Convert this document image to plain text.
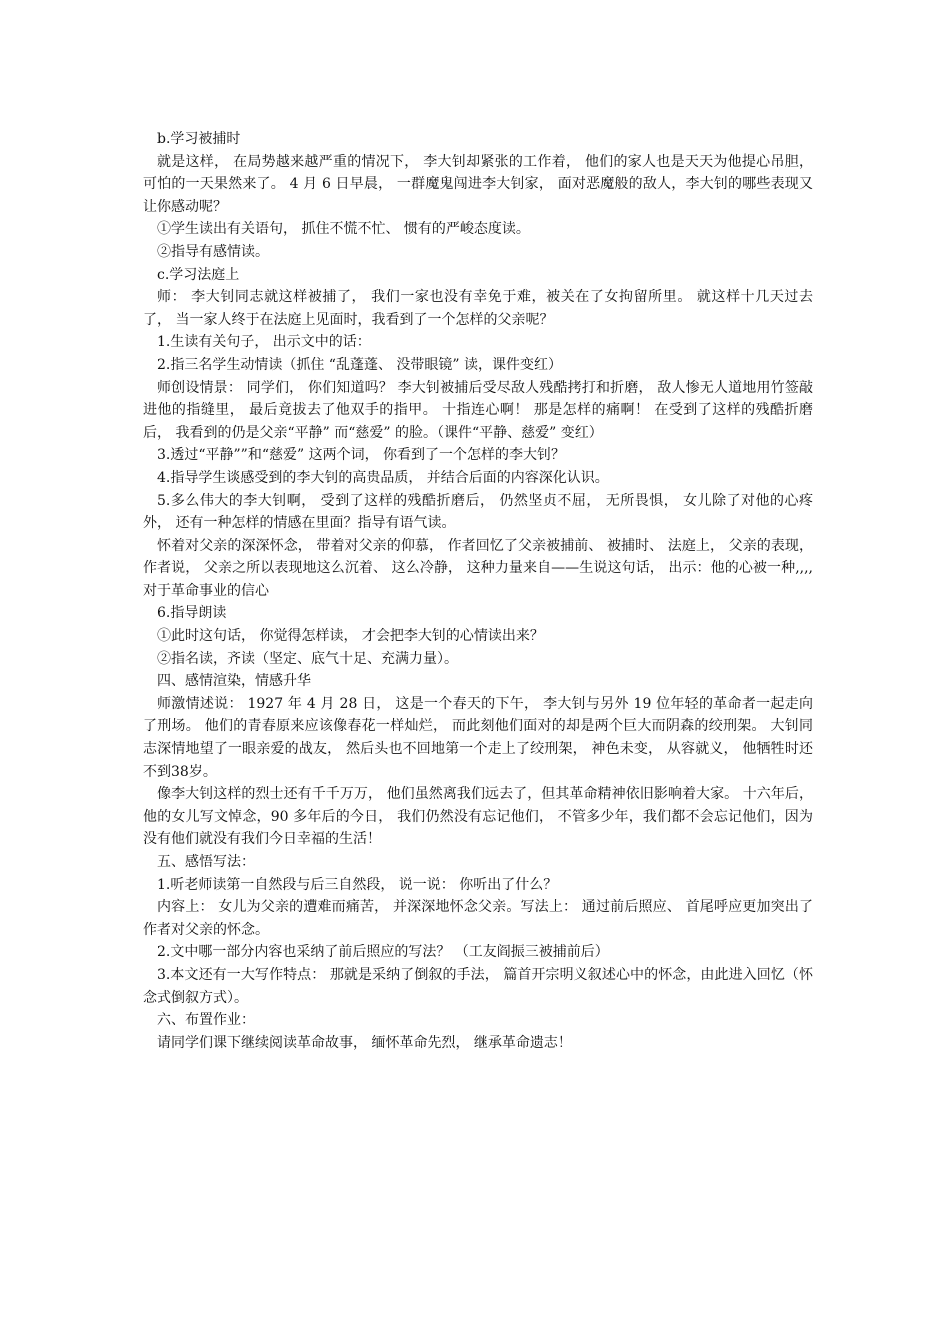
b.学习被捕时

就是这样， 在局势越来越严重的情况下， 李大钊却紧张的工作着， 他们的家人也是天天为他提心吊胆， 可怕的一天果然来了。 4 月 6 日早晨， 一群魔鬼闯进李大钊家， 面对恶魔般的敌人，李大钊的哪些表现又让你感动呢？

①学生读出有关语句， 抓住不慌不忙、 惯有的严峻态度读。

②指导有感情读。

c.学习法庭上

师： 李大钊同志就这样被捕了， 我们一家也没有幸免于难，被关在了女拘留所里。 就这样十几天过去了， 当一家人终于在法庭上见面时，我看到了一个怎样的父亲呢？

1.生读有关句子， 出示文中的话：

2.指三名学生动情读（抓住 “乱蓬蓬、 没带眼镜” 读，课件变红）

师创设情景： 同学们， 你们知道吗？ 李大钊被捕后受尽敌人残酷拷打和折磨， 敌人惨无人道地用竹签敲进他的指缝里， 最后竟拔去了他双手的指甲。 十指连心啊！ 那是怎样的痛啊！ 在受到了这样的残酷折磨后， 我看到的仍是父亲“平静” 而“慈爱” 的脸。（课件“平静、慈爱” 变红）

3.透过“平静””和“慈爱” 这两个词， 你看到了一个怎样的李大钊？

4.指导学生谈感受到的李大钊的高贵品质， 并结合后面的内容深化认识。

5.多么伟大的李大钊啊， 受到了这样的残酷折磨后， 仍然坚贞不屈， 无所畏惧， 女儿除了对他的心疼外， 还有一种怎样的情感在里面？指导有语气读。

怀着对父亲的深深怀念， 带着对父亲的仰慕， 作者回忆了父亲被捕前、 被捕时、 法庭上， 父亲的表现， 作者说， 父亲之所以表现地这么沉着、 这么冷静， 这种力量来自——生说这句话， 出示：他的心被一种,,,,对于革命事业的信心

6.指导朗读

①此时这句话， 你觉得怎样读， 才会把李大钊的心情读出来？

②指名读，齐读（坚定、底气十足、充满力量）。

四、感情渲染，情感升华

师激情述说： 1927 年 4 月 28 日， 这是一个春天的下午， 李大钊与另外 19 位年轻的革命者一起走向了刑场。 他们的青春原来应该像春花一样灿烂， 而此刻他们面对的却是两个巨大而阴森的绞刑架。 大钊同志深情地望了一眼亲爱的战友， 然后头也不回地第一个走上了绞刑架， 神色未变， 从容就义， 他牺牲时还不到38岁。

像李大钊这样的烈士还有千千万万， 他们虽然离我们远去了，但其革命精神依旧影响着大家。 十六年后， 他的女儿写文悼念，90 多年后的今日， 我们仍然没有忘记他们， 不管多少年，我们都不会忘记他们，因为没有他们就没有我们今日幸福的生活！

五、感悟写法：

1.听老师读第一自然段与后三自然段， 说一说： 你听出了什么？

内容上： 女儿为父亲的遭难而痛苦， 并深深地怀念父亲。写法上： 通过前后照应、 首尾呼应更加突出了作者对父亲的怀念。

2.文中哪一部分内容也采纳了前后照应的写法？ （工友阎振三被捕前后）

3.本文还有一大写作特点： 那就是采纳了倒叙的手法， 篇首开宗明义叙述心中的怀念，由此进入回忆（怀念式倒叙方式）。

六、布置作业：

请同学们课下继续阅读革命故事， 缅怀革命先烈， 继承革命遗志！
